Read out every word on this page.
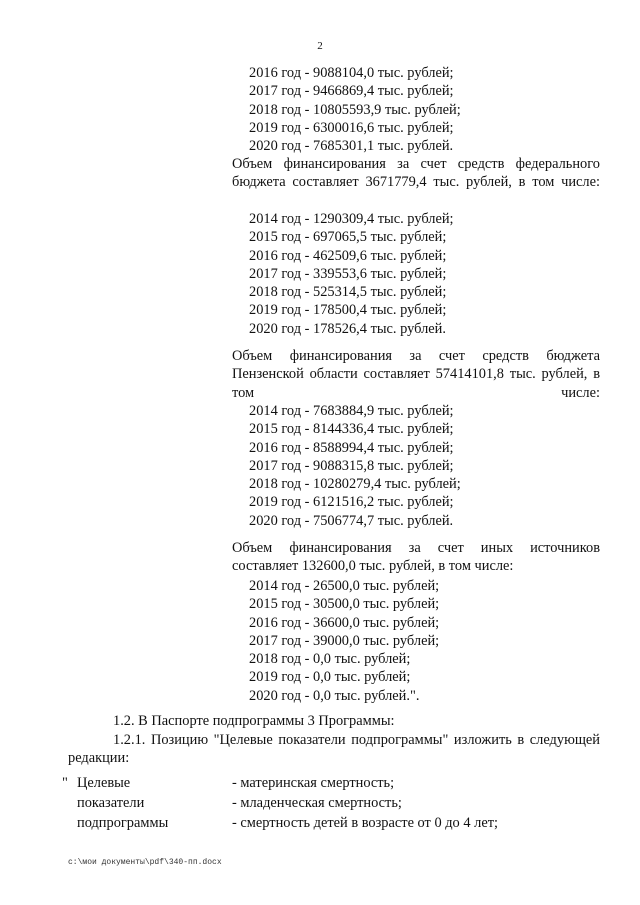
2
2016 год - 9088104,0 тыс. рублей;
2017 год - 9466869,4 тыс. рублей;
2018 год - 10805593,9 тыс. рублей;
2019 год - 6300016,6 тыс. рублей;
2020 год - 7685301,1 тыс. рублей.
Объем финансирования за счет средств федерального бюджета составляет 3671779,4 тыс. рублей, в том числе:
2014 год - 1290309,4 тыс. рублей;
2015 год - 697065,5 тыс. рублей;
2016 год - 462509,6 тыс. рублей;
2017 год - 339553,6 тыс. рублей;
2018 год - 525314,5 тыс. рублей;
2019 год - 178500,4 тыс. рублей;
2020 год - 178526,4 тыс. рублей.
Объем финансирования за счет средств бюджета Пензенской области составляет 57414101,8 тыс. рублей, в том числе:
2014 год - 7683884,9 тыс. рублей;
2015 год - 8144336,4 тыс. рублей;
2016 год - 8588994,4 тыс. рублей;
2017 год - 9088315,8 тыс. рублей;
2018 год - 10280279,4 тыс. рублей;
2019 год - 6121516,2 тыс. рублей;
2020 год - 7506774,7 тыс. рублей.
Объем финансирования за счет иных источников составляет 132600,0 тыс. рублей, в том числе:
2014 год - 26500,0 тыс. рублей;
2015 год - 30500,0 тыс. рублей;
2016 год - 36600,0 тыс. рублей;
2017 год - 39000,0 тыс. рублей;
2018 год - 0,0 тыс. рублей;
2019 год - 0,0 тыс. рублей;
2020 год - 0,0 тыс. рублей.".
1.2. В Паспорте подпрограммы 3 Программы:
1.2.1. Позицию "Целевые показатели подпрограммы" изложить в следующей редакции:
" Целевые	- материнская смертность;
показатели	- младенческая смертность;
подпрограммы	- смертность детей в возрасте от 0 до 4 лет;
c:\мои документы\pdf\340-пп.docx
